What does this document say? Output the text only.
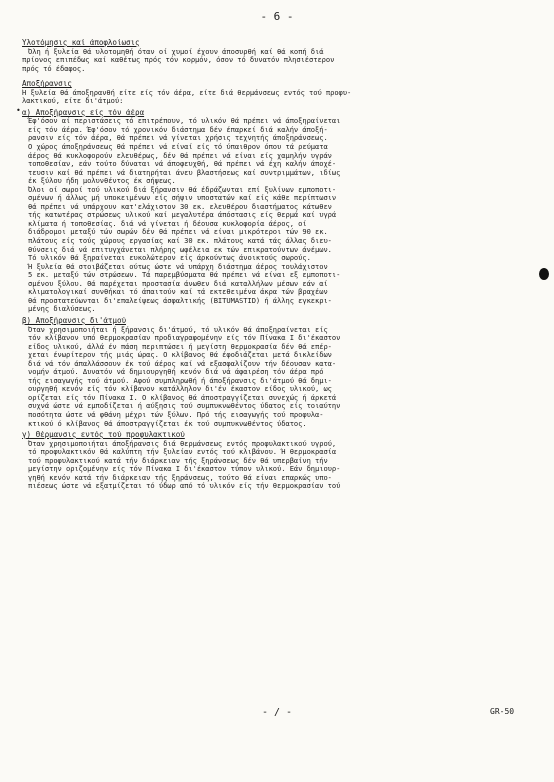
- 6 -
•
Υλοτόμησις καί άποφλοίωσις
Όλη ή ξυλεία θά υλοτομηθή όταν οί χυμοί έχουν άποσυρθή καί θά κοπή διά
πρίονος επιπέδως καί καθέτως πρός τόν κορμόν, όσον τό δυνατόν πλησιέστερον
πρός τό έδαφος.
Αποξήρανσις
Ή ξυλεία θά άποξηρανθή είτε είς τόν άέρα, είτε διά θερμάνσεως εντός τού προφυ-
λακτικού, είτε δι'άτμού:
α) Αποξήρανσις είς τόν άέρα
Έφ'όσον αί περιστάσεις τό επιτρέπουν, τό υλικόν θά πρέπει νά άποξηραίνεται
είς τόν άέρα. Έφ'όσον τό χρονικόν διάστημα δέν έπαρκεί διά καλήν άποξή-
ρανσιν είς τόν άέρα, θά πρέπει νά γίνεται χρήσις τεχνητής άποξηράνσεως.
Ο χώρος άποξηράνσεως θά πρέπει νά είναί είς τό ύπαιθρον όπου τά ρεύματα
άέρος θά κυκλοφορούν ελευθέρως, δέν θά πρέπει νά είναι είς χαμηλήν υγράν
τοποθεσίαν, εάν τούτο δύναται νά άποφευχθή, θά πρέπει νά έχη καλήν άποχέ-
τευσιν καί θά πρέπει νά διατηρήται άνευ βλαστήσεως καί συντριμμάτων, ιδίως
έκ ξύλου ήδη μολυνθέντος έκ σήψεως.
Όλοι οί σωροί τού υλικού διά ξήρανσιν θά έδράζωνται επί ξυλίνων εμποποτι-
σμένων ή άλλως μή υποκειμένων είς σήψιν υποστατών καί είς κάθε περίπτωσιν
θά πρέπει νά υπάρχουν κατ'ελάχιστον 30 εκ. ελευθέρου διαστήματος κάτωθεν
τής κατωτέρας στρώσεως υλικού καί μεγαλυτέρα άπόστασις είς θερμά καί υγρά
κλίματα ή τοποθεσίας. διά νά γίνεται ή δέουσα κυκλοφορία άέρος, οί
διάδρομοι μεταξύ τών σωρών δέν θά πρέπει νά είναι μικρότεροι τών 90 εκ.
πλάτους είς τούς χώρους εργασίας καί 30 εκ. πλάτους κατά τάς άλλας διευ-
θύνσεις διά νά επιτυγχάνεται πλήρης ωφέλεια εκ τών επικρατούντων άνέμων.
Τό υλικόν θά ξηραίνεται ευκολώτερον είς άρκούντως άνοικτούς σωρούς.
Ή ξυλεία θά στοιβάζεται ούτως ώστε νά υπάρχη διάστημα άέρος τουλάχιστον
5 εκ. μεταξύ τών στρώσεων. Τά παρεμβύσματα θά πρέπει νά είναι εξ εμποποτι-
σμένου ξύλου. Θά παρέχεται προστασία άνωθεν διά καταλλήλων μέσων εάν αί
κλιματολογικαί συνθήκαι τό άπαιτούν καί τά εκτεθειμένα άκρα τών βραχέων
θά προστατεύωνται δι'επαλείψεως άσφαλτικής (BITUMASTID) ή άλλης εγκεκρι-
μένης διαλύσεως.
β) Αποξήρανσις δι'άτμού
Όταν χρησιμοποιήται ή ξήρανσις δι'άτμού, τό υλικόν θά άποξηραίνεται είς
τόν κλίβανον υπό θερμοκρασίαν προδιαγραφομένην είς τόν Πίνακα Ι δι'έκαστον
είδος υλικού, άλλά έν πάση περιπτώσει ή μεγίστη θερμοκρασία δέν θά επέρ-
χεται ένωρίτερον τής μιάς ώρας. Ο κλίβανος θά έφοδιάζεται μετά δικλείδων
διά νά τόν άπαλλάσσουν έκ τού άέρος καί νά εξασφαλίζουν τήν δέουσαν κατα-
νομήν άτμού. Δυνατόν νά δημιουργηθή κενόν διά νά άφαιρέση τόν άέρα πρό
τής εισαγωγής τού άτμού. Αφού συμπληρωθή ή άποξήρανσις δι'άτμού θά δημι-
ουργηθή κενόν είς τόν κλίβανον κατάλληλον δι'έν έκαστον είδος υλικού, ως
ορίζεται είς τόν Πίνακα Ι. Ο κλίβανος θά άποστραγγίζεται συνεχώς ή άρκετά
συχνά ώστε νά εμποδίζεται ή αύξησις τού συμπυκνωθέντος ύδατος είς τοιαύτην
ποσότητα ώστε νά φθάνη μέχρι τών ξύλων. Πρό τής εισαγωγής τού προφυλα-
κτικού ό κλίβανος θά άποστραγγίζεται έκ τού συμπυκνωθέντος ύδατος.
γ) Θέρμανσις εντός τού προφυλακτικού
Όταν χρησιμοποιήται άποξήρανσις διά θερμάνσεως εντός προφυλακτικού υγρού,
τό προφυλακτικόν θά καλύπτη τήν ξυλείαν εντός τού κλιβάνου. Ή θερμοκρασία
τού προφυλακτικού κατά τήν διάρκειαν τής ξηράνσεως δέν θά υπερβαίνη τήν
μεγίστην οριζομένην είς τόν Πίνακα Ι δι'έκαστον τύπον υλικού. Εάν δημιουρ-
γηθή κενόν κατά τήν διάρκειαν τής ξηράνσεως, τούτο θά είναι επαρκώς υπο-
πιέσεως ώστε νά εξατμίζεται τό ύδωρ από τό υλικόν είς τήν θερμοκρασίαν τού
- / -	GR-50
